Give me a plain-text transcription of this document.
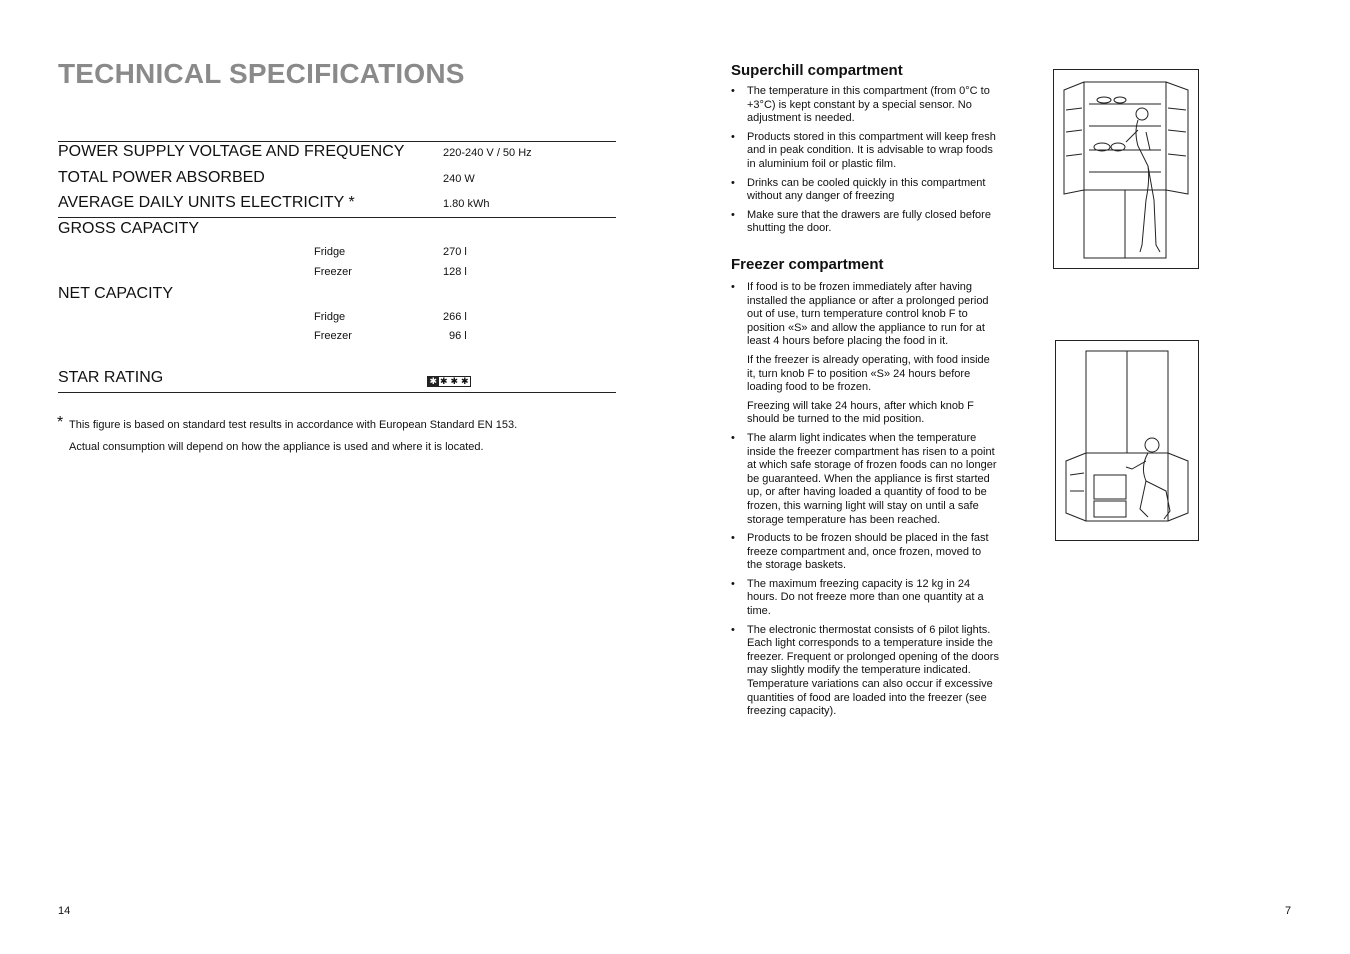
TECHNICAL SPECIFICATIONS
POWER SUPPLY VOLTAGE AND FREQUENCY	220-240 V / 50 Hz
TOTAL POWER ABSORBED	240 W
AVERAGE DAILY UNITS ELECTRICITY *	1.80 kWh
GROSS CAPACITY
Fridge	270 l
Freezer	128 l
NET CAPACITY
Fridge	266 l
Freezer	96 l
STAR RATING	✱ ✱ ✱ ✱
* This figure is based on standard test results in accordance with European Standard EN 153.
Actual consumption will depend on how the appliance is used and where it is located.
14
Superchill compartment
• The temperature in this compartment (from 0°C to +3°C) is kept constant by a special sensor. No adjustment is needed.

• Products stored in this compartment will keep fresh and in peak condition. It is advisable to wrap foods in aluminium foil or plastic film.

• Drinks can be cooled quickly in this compartment without any danger of freezing

• Make sure that the drawers are fully closed before shutting the door.

Freezer compartment
• If food is to be frozen immediately after having installed the appliance or after a prolonged period out of use, turn temperature control knob F to position «S» and allow the appliance to run for at least 4 hours before placing the food in it.

If the freezer is already operating, with food inside it, turn knob F to position «S» 24 hours before loading food to be frozen.

Freezing will take 24 hours, after which knob F should be turned to the mid position.

• The alarm light indicates when the temperature inside the freezer compartment has risen to a point at which safe storage of frozen foods can no longer be guaranteed. When the appliance is first started up, or after having loaded a quantity of food to be frozen, this warning light will stay on until a safe storage temperature has been reached.

• Products to be frozen should be placed in the fast freeze compartment and, once frozen, moved to the storage baskets.

• The maximum freezing capacity is 12 kg in 24 hours. Do not freeze more than one quantity at a time.

• The electronic thermostat consists of 6 pilot lights. Each light corresponds to a temperature inside the freezer. Frequent or prolonged opening of the doors may slightly modify the temperature indicated. Temperature variations can also occur if excessive quantities of food are loaded into the freezer (see freezing capacity).

7
